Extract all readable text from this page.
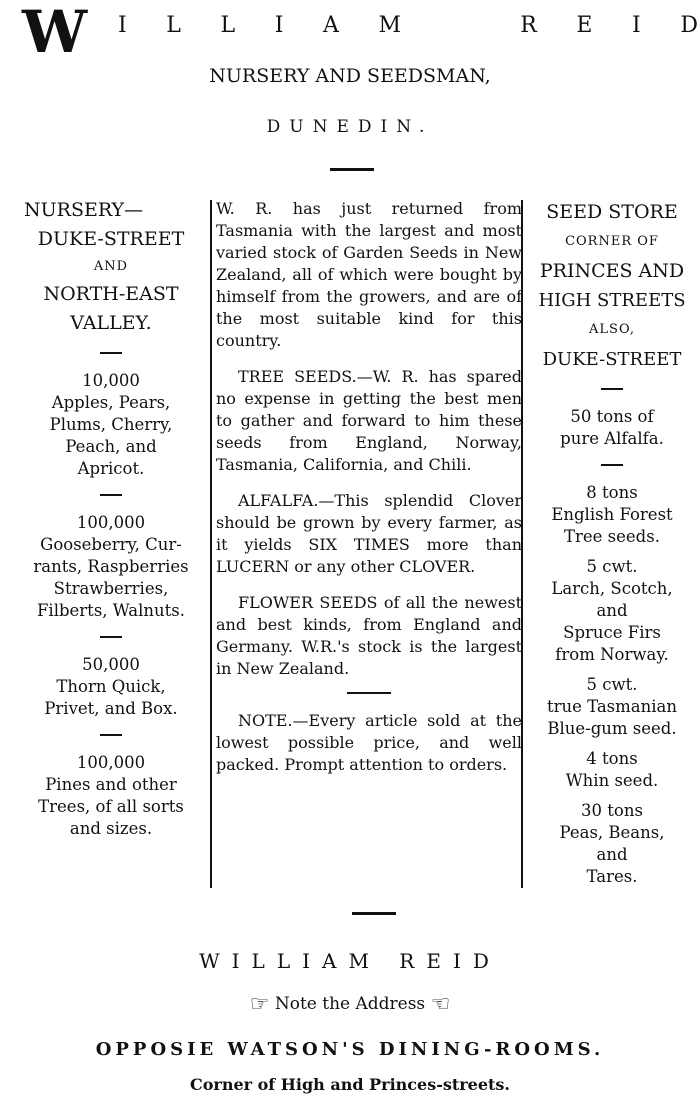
W I L L I A M	R E I D
NURSERY AND SEEDSMAN,
DUNEDIN.
NURSERY—
DUKE-STREET
AND
NORTH-EAST
VALLEY.
10,000
Apples, Pears,
Plums, Cherry,
Peach, and
Apricot.
100,000
Gooseberry, Cur-
rants, Raspberries
Strawberries,
Filberts, Walnuts.
50,000
Thorn Quick,
Privet, and Box.
100,000
Pines and other
Trees, of all sorts
and sizes.

W. R. has just returned from Tasmania with the largest and most varied stock of Garden Seeds in New Zealand, all of which were bought by himself from the growers, and are of the most suitable kind for this country.

TREE SEEDS.—W. R. has spared no expense in getting the best men to gather and forward to him these seeds from England, Norway, Tasmania, California, and Chili.

ALFALFA.—This splendid Clover should be grown by every farmer, as it yields SIX TIMES more than LUCERN or any other CLOVER.

FLOWER SEEDS of all the newest and best kinds, from England and Germany. W.R.'s stock is the largest in New Zealand.

NOTE.—Every article sold at the lowest possible price, and well packed. Prompt attention to orders.

SEED STORE
CORNER OF
PRINCES AND
HIGH STREETS
ALSO,
DUKE-STREET
50 tons of
pure Alfalfa.
8 tons
English Forest
Tree seeds.
5 cwt.
Larch, Scotch,
and
Spruce Firs
from Norway.
5 cwt.
true Tasmanian
Blue-gum seed.
4 tons
Whin seed.
30 tons
Peas, Beans,
and
Tares.
WILLIAM REID
☞ Note the Address ☜
OPPOSIE WATSON'S DINING-ROOMS.
Corner of High and Princes-streets.
